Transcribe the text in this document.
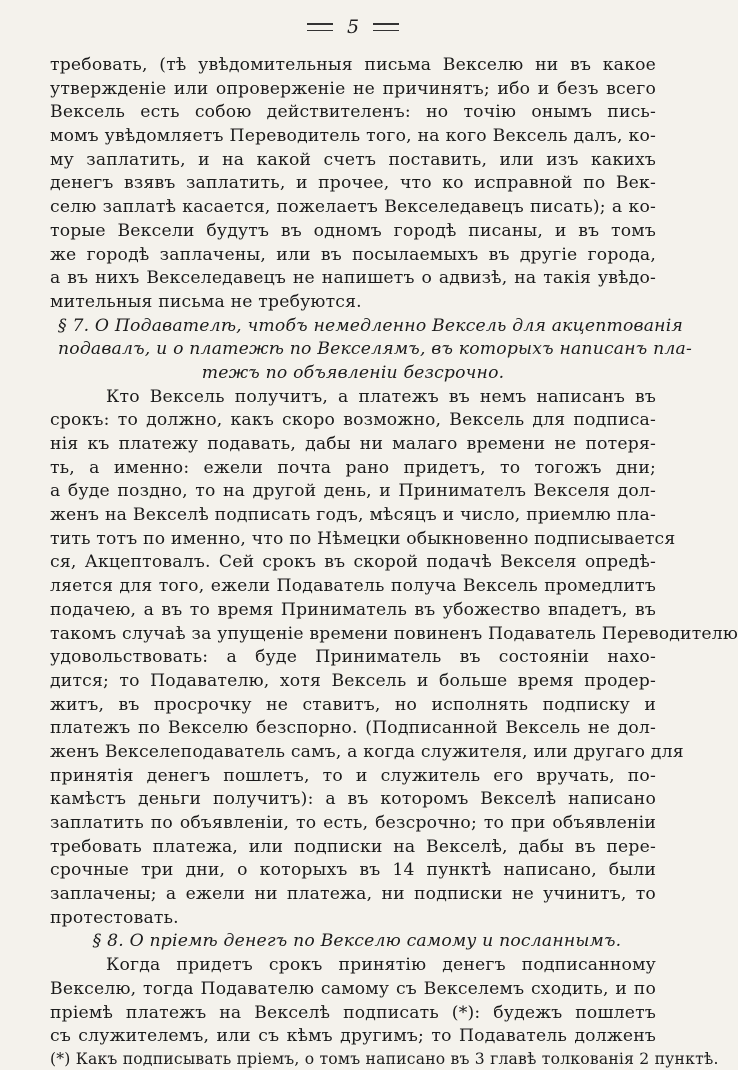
5
требовать, (тѣ увѣдомительныя письма Векселю ни въ какое
утвержденіе или опроверженіе не причинятъ; ибо и безъ всего
Вексель есть собою действителенъ: но точію онымъ пись-
момъ увѣдомляетъ Переводитель того, на кого Вексель далъ, ко-
му заплатить, и на какой счетъ поставить, или изъ какихъ
денегъ взявъ заплатить, и прочее, что ко исправной по Век-
селю заплатѣ касается, пожелаетъ Векселедавецъ писать); а ко-
торые Вексели будутъ въ одномъ городѣ писаны, и въ томъ
же городѣ заплачены, или въ посылаемыхъ въ другіе города,
а въ нихъ Векселедавецъ не напишетъ о адвизѣ, на такія увѣдо-
мительныя письма не требуются.
§ 7. О Подавателѣ, чтобъ немедленно Вексель для акцептованія
подавалъ, и о платежѣ по Векселямъ, въ которыхъ написанъ пла-
тежъ по объявленіи безсрочно.
Кто Вексель получитъ, а платежъ въ немъ написанъ въ
срокъ: то должно, какъ скоро возможно, Вексель для подписа-
нія къ платежу подавать, дабы ни малаго времени не потеря-
ть, а именно: ежели почта рано придетъ, то тогожъ дни;
а буде поздно, то на другой день, и Принимателъ Векселя дол-
женъ на Векселѣ подписать годъ, мѣсяцъ и число, приемлю пла-
тить тотъ по именно, что по Нѣмецки обыкновенно подписывается
ся, Акцептовалъ. Сей срокъ въ скорой подачѣ Векселя опредѣ-
ляется для того, ежели Подаватель получа Вексель промедлитъ
подачею, а въ то время Приниматель въ убожество впадетъ, въ
такомъ случаѣ за упущеніе времени повиненъ Подаватель Переводителю
удовольствовать: а буде Приниматель въ состояніи нахо-
дится; то Подавателю, хотя Вексель и больше время продер-
житъ, въ просрочку не ставитъ, но исполнять подписку и
платежъ по Векселю безспорно. (Подписанной Вексель не дол-
женъ Векселеподаватель самъ, а когда служителя, или другаго для
принятія денегъ пошлетъ, то и служитель его вручать, по-
камѣстъ деньги получитъ): а въ которомъ Векселѣ написано
заплатить по объявленіи, то есть, безсрочно; то при объявленіи
требовать платежа, или подписки на Векселѣ, дабы въ пере-
срочные три дни, о которыхъ въ 14 пунктѣ написано, были
заплачены; а ежели ни платежа, ни подписки не учинитъ, то
протестовать.
§ 8. О пріемѣ денегъ по Векселю самому и посланнымъ.
Когда придетъ срокъ принятію денегъ подписанному
Векселю, тогда Подавателю самому съ Векселемъ сходить, и по
пріемѣ платежъ на Векселѣ подписать (*): будежъ пошлетъ
съ служителемъ, или съ кѣмъ другимъ; то Подаватель долженъ
(*) Какъ подписывать пріемъ, о томъ написано въ 3 главѣ толкованія 2 пунктѣ.
